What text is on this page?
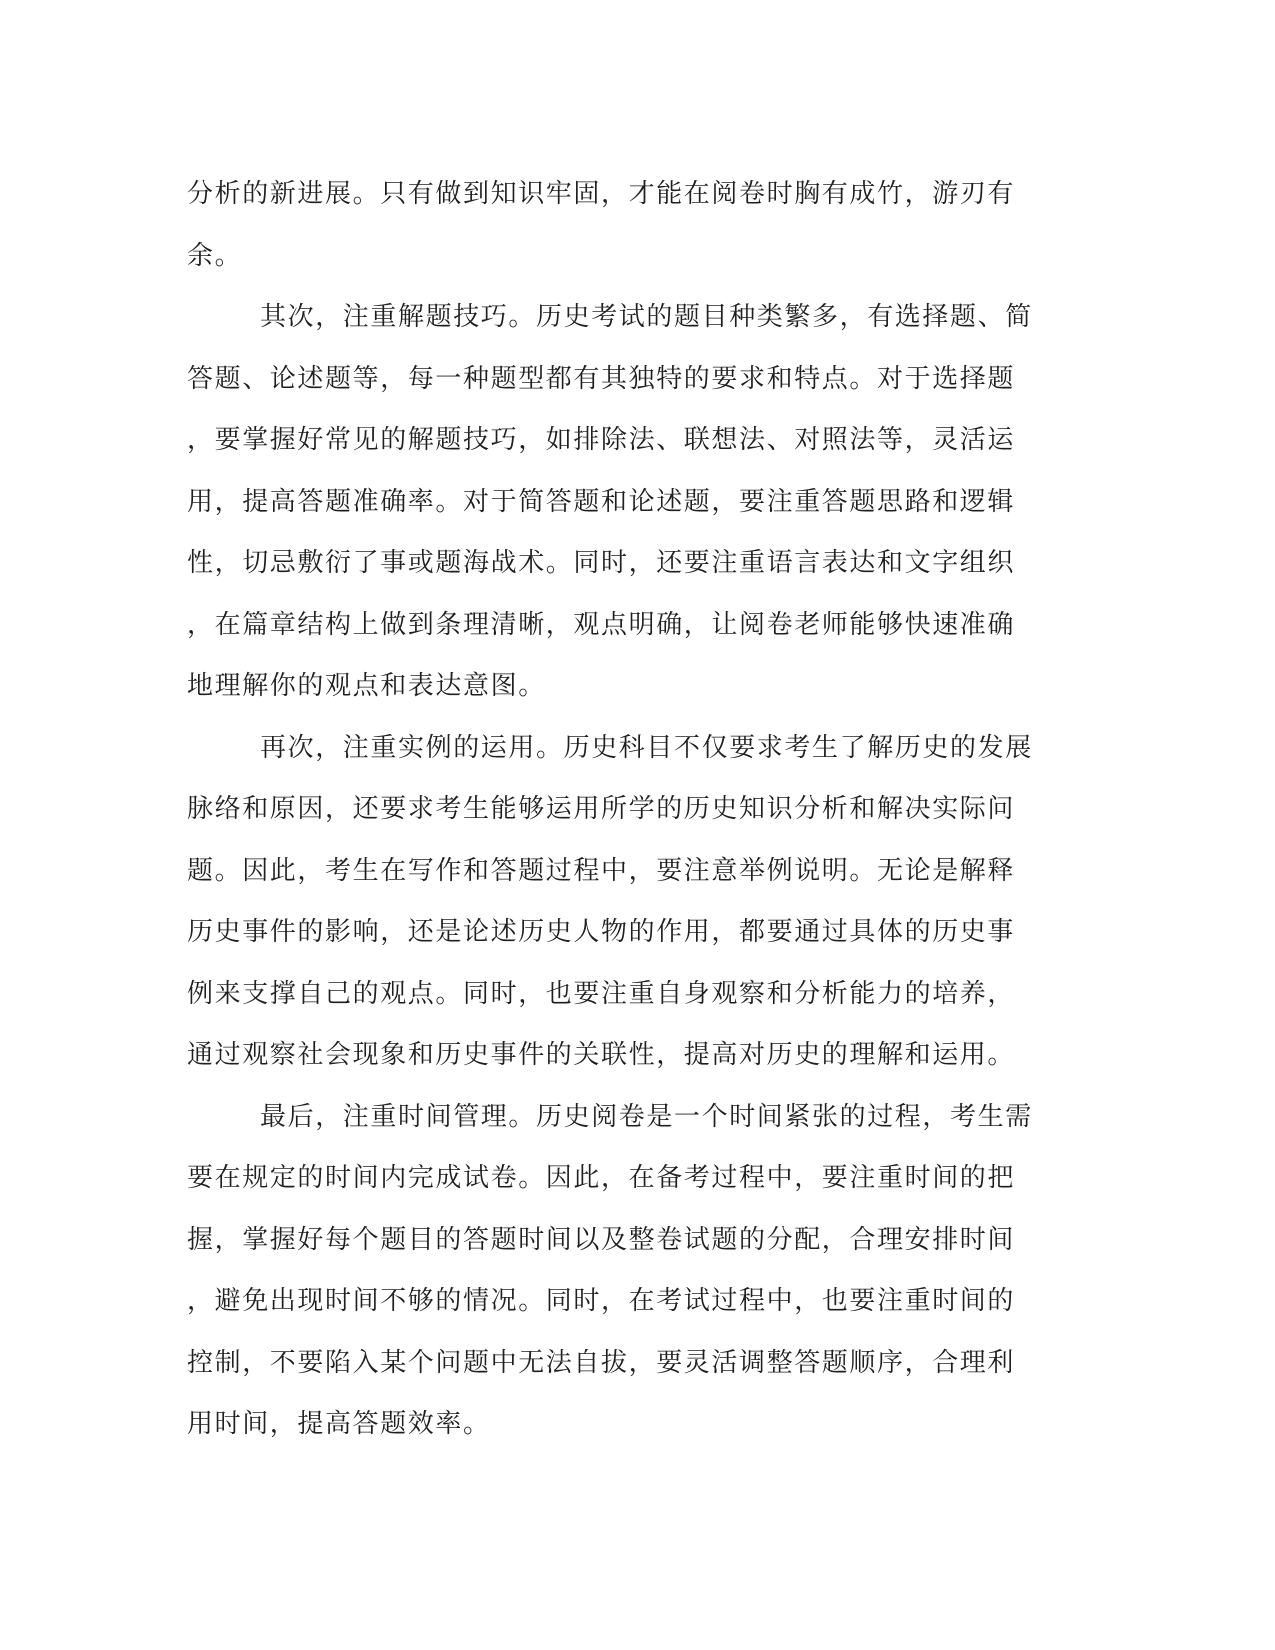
分析的新进展。只有做到知识牢固，才能在阅卷时胸有成竹，游刃有
余。
其次，注重解题技巧。历史考试的题目种类繁多，有选择题、简
答题、论述题等，每一种题型都有其独特的要求和特点。对于选择题
，要掌握好常见的解题技巧，如排除法、联想法、对照法等，灵活运
用，提高答题准确率。对于简答题和论述题，要注重答题思路和逻辑
性，切忌敷衍了事或题海战术。同时，还要注重语言表达和文字组织
，在篇章结构上做到条理清晰，观点明确，让阅卷老师能够快速准确
地理解你的观点和表达意图。
再次，注重实例的运用。历史科目不仅要求考生了解历史的发展
脉络和原因，还要求考生能够运用所学的历史知识分析和解决实际问
题。因此，考生在写作和答题过程中，要注意举例说明。无论是解释
历史事件的影响，还是论述历史人物的作用，都要通过具体的历史事
例来支撑自己的观点。同时，也要注重自身观察和分析能力的培养，
通过观察社会现象和历史事件的关联性，提高对历史的理解和运用。
最后，注重时间管理。历史阅卷是一个时间紧张的过程，考生需
要在规定的时间内完成试卷。因此，在备考过程中，要注重时间的把
握，掌握好每个题目的答题时间以及整卷试题的分配，合理安排时间
，避免出现时间不够的情况。同时，在考试过程中，也要注重时间的
控制，不要陷入某个问题中无法自拔，要灵活调整答题顺序，合理利
用时间，提高答题效率。
